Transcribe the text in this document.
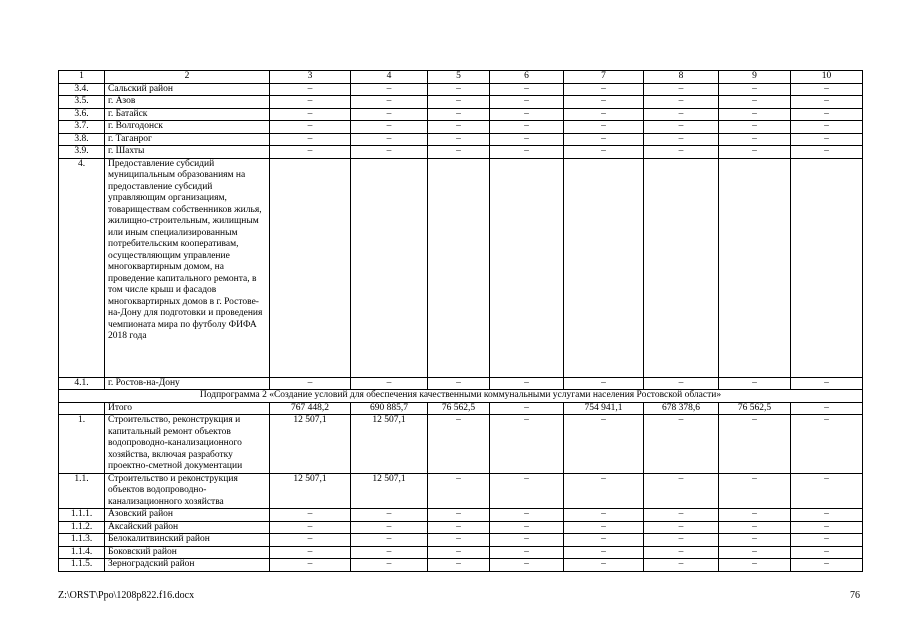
1	2	3	4	5	6	7	8	9	10
3.4.	Сальский район	–	–	–	–	–	–	–	–
3.5.	г. Азов	–	–	–	–	–	–	–	–
3.6.	г. Батайск	–	–	–	–	–	–	–	–
3.7.	г. Волгодонск	–	–	–	–	–	–	–	–
3.8.	г. Таганрог	–	–	–	–	–	–	–	–
3.9.	г. Шахты	–	–	–	–	–	–	–	–
4.	Предоставление субсидий муниципальным образованиям на предоставление субсидий управляющим организациям, товариществам собственников жилья, жилищно-строительным, жилищным или иным специализированным потребительским кооперативам, осуществляющим управление многоквартирным домом, на проведение капитального ремонта, в том числе крыш и фасадов многоквартирных домов в г. Ростове-на-Дону для подготовки и проведения чемпионата мира по футболу ФИФА 2018 года								
4.1.	г. Ростов-на-Дону	–	–	–	–	–	–	–	–
Подпрограмма 2 «Создание условий для обеспечения качественными коммунальными услугами населения Ростовской области»									
	Итого	767 448,2	690 885,7	76 562,5	–	754 941,1	678 378,6	76 562,5	–
1.	Строительство, реконструкция и капитальный ремонт объектов водопроводно-канализационного хозяйства, включая разработку проектно-сметной документации	12 507,1	12 507,1	–	–	–	–	–	–
1.1.	Строительство и реконструкция объектов водопроводно-канализационного хозяйства	12 507,1	12 507,1	–	–	–	–	–	–
1.1.1.	Азовский район	–	–	–	–	–	–	–	–
1.1.2.	Аксайский район	–	–	–	–	–	–	–	–
1.1.3.	Белокалитвинский район	–	–	–	–	–	–	–	–
1.1.4.	Боковский район	–	–	–	–	–	–	–	–
1.1.5.	Зерноградский район	–	–	–	–	–	–	–	–
Z:\ORST\Ppo\1208p822.f16.docx	76
